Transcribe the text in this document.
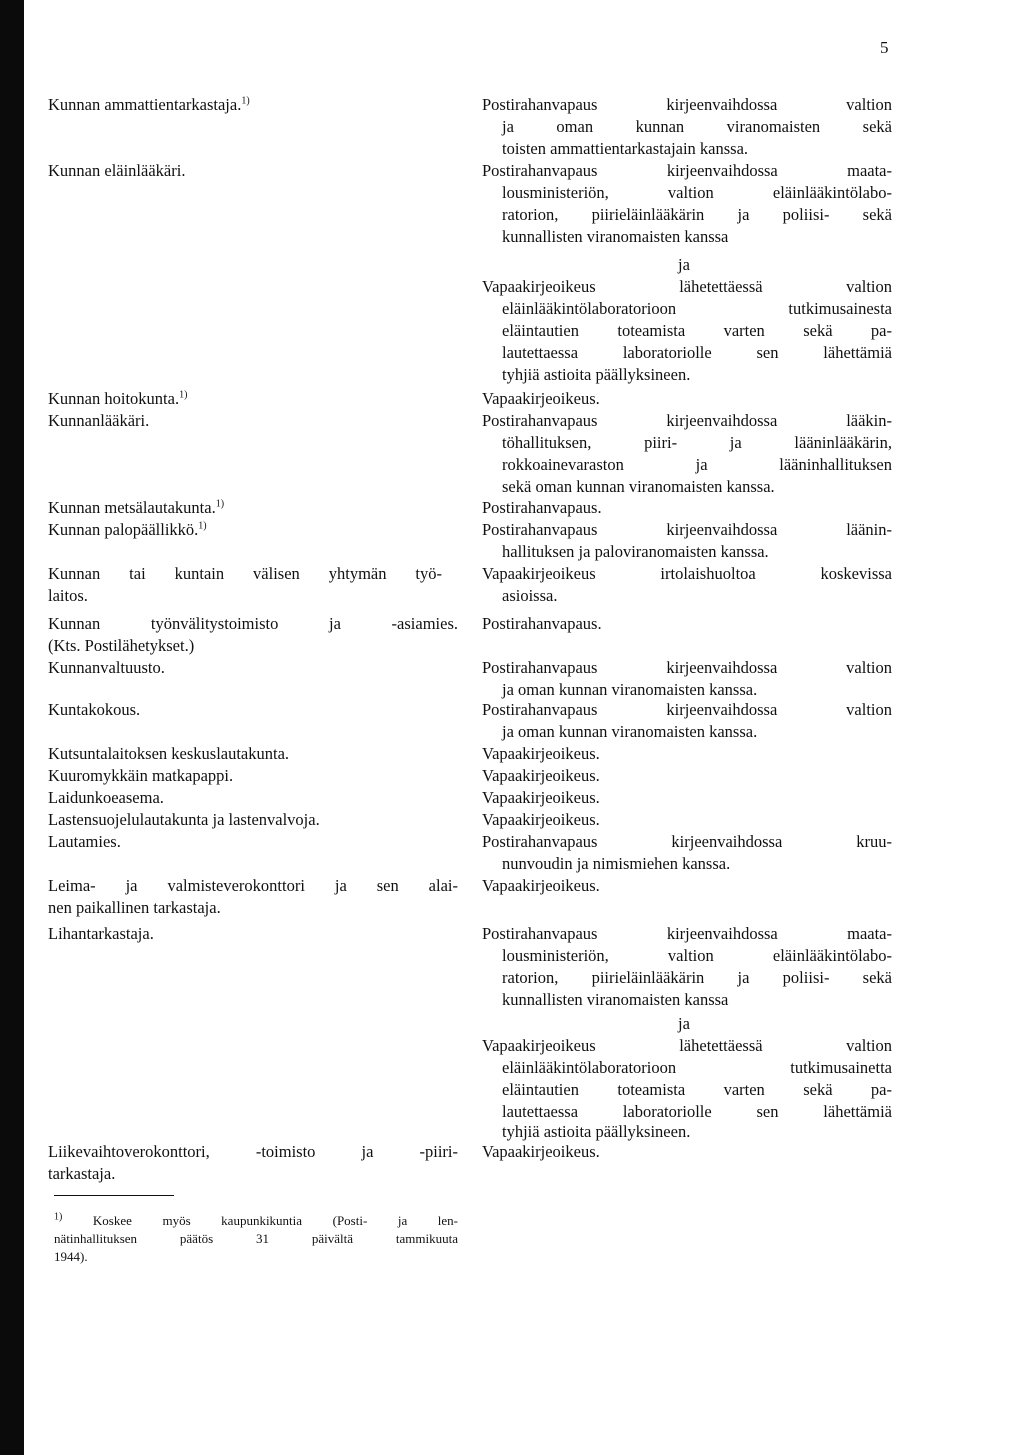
5

Kunnan ammattientarkastaja.$^{1)}$

Kunnan eläinlääkäri.

Kunnan hoitokunta.$^{1)}$

Kunnanlääkäri.

Kunnan metsälautakunta.$^{1)}$

Kunnan palopäällikkö.$^{1)}$

Kunnan tai kuntain välisen yhtymän työ-

laitos.

Kunnan työnvälitystoimisto ja -asiamies.

(Kts. Postilähetykset.)

Kunnanvaltuusto.

Kuntakokous.

Kutsuntalaitoksen keskuslautakunta.

Kuuromykkäin matkapappi.

Laidunkoeasema.

Lastensuojelulautakunta ja lastenvalvoja.

Lautamies.

Leima- ja valmisteverokonttori ja sen alai-

nen paikallinen tarkastaja.

Lihantarkastaja.

Liikevaihtoverokonttori, -toimisto ja -piiri-

tarkastaja.

Postirahanvapaus kirjeenvaihdossa valtion

ja oman kunnan viranomaisten sekä

toisten ammattientarkastajain kanssa.

Postirahanvapaus kirjeenvaihdossa maata-

lousministeriön, valtion eläinlääkintölabo-

ratorion, piirieläinlääkärin ja poliisi- sekä

kunnallisten viranomaisten kanssa

ja

Vapaakirjeoikeus lähetettäessä valtion

eläinlääkintölaboratorioon tutkimusainesta

eläintautien toteamista varten sekä pa-

lautettaessa laboratoriolle sen lähettämiä

tyhjiä astioita päällyksineen.

Vapaakirjeoikeus.

Postirahanvapaus kirjeenvaihdossa lääkin-

töhallituksen, piiri- ja lääninlääkärin,

rokkoainevaraston ja lääninhallituksen

sekä oman kunnan viranomaisten kanssa.

Postirahanvapaus.

Postirahanvapaus kirjeenvaihdossa läänin-

hallituksen ja paloviranomaisten kanssa.

Vapaakirjeoikeus irtolaishuoltoa koskevissa

asioissa.

Postirahanvapaus.

Postirahanvapaus kirjeenvaihdossa valtion

ja oman kunnan viranomaisten kanssa.

Postirahanvapaus kirjeenvaihdossa valtion

ja oman kunnan viranomaisten kanssa.

Vapaakirjeoikeus.

Vapaakirjeoikeus.

Vapaakirjeoikeus.

Vapaakirjeoikeus.

Postirahanvapaus kirjeenvaihdossa kruu-

nunvoudin ja nimismiehen kanssa.

Vapaakirjeoikeus.

Postirahanvapaus kirjeenvaihdossa maata-

lousministeriön, valtion eläinlääkintölabo-

ratorion, piirieläinlääkärin ja poliisi- sekä

kunnallisten viranomaisten kanssa

ja

Vapaakirjeoikeus lähetettäessä valtion

eläinlääkintölaboratorioon tutkimusainetta

eläintautien toteamista varten sekä pa-

lautettaessa laboratoriolle sen lähettämiä

tyhjiä astioita päällyksineen.

Vapaakirjeoikeus.

$^{1)}$ Koskee myös kaupunkikuntia (Posti- ja len-

nätinhallituksen päätös 31 päivältä tammikuuta

1944).
